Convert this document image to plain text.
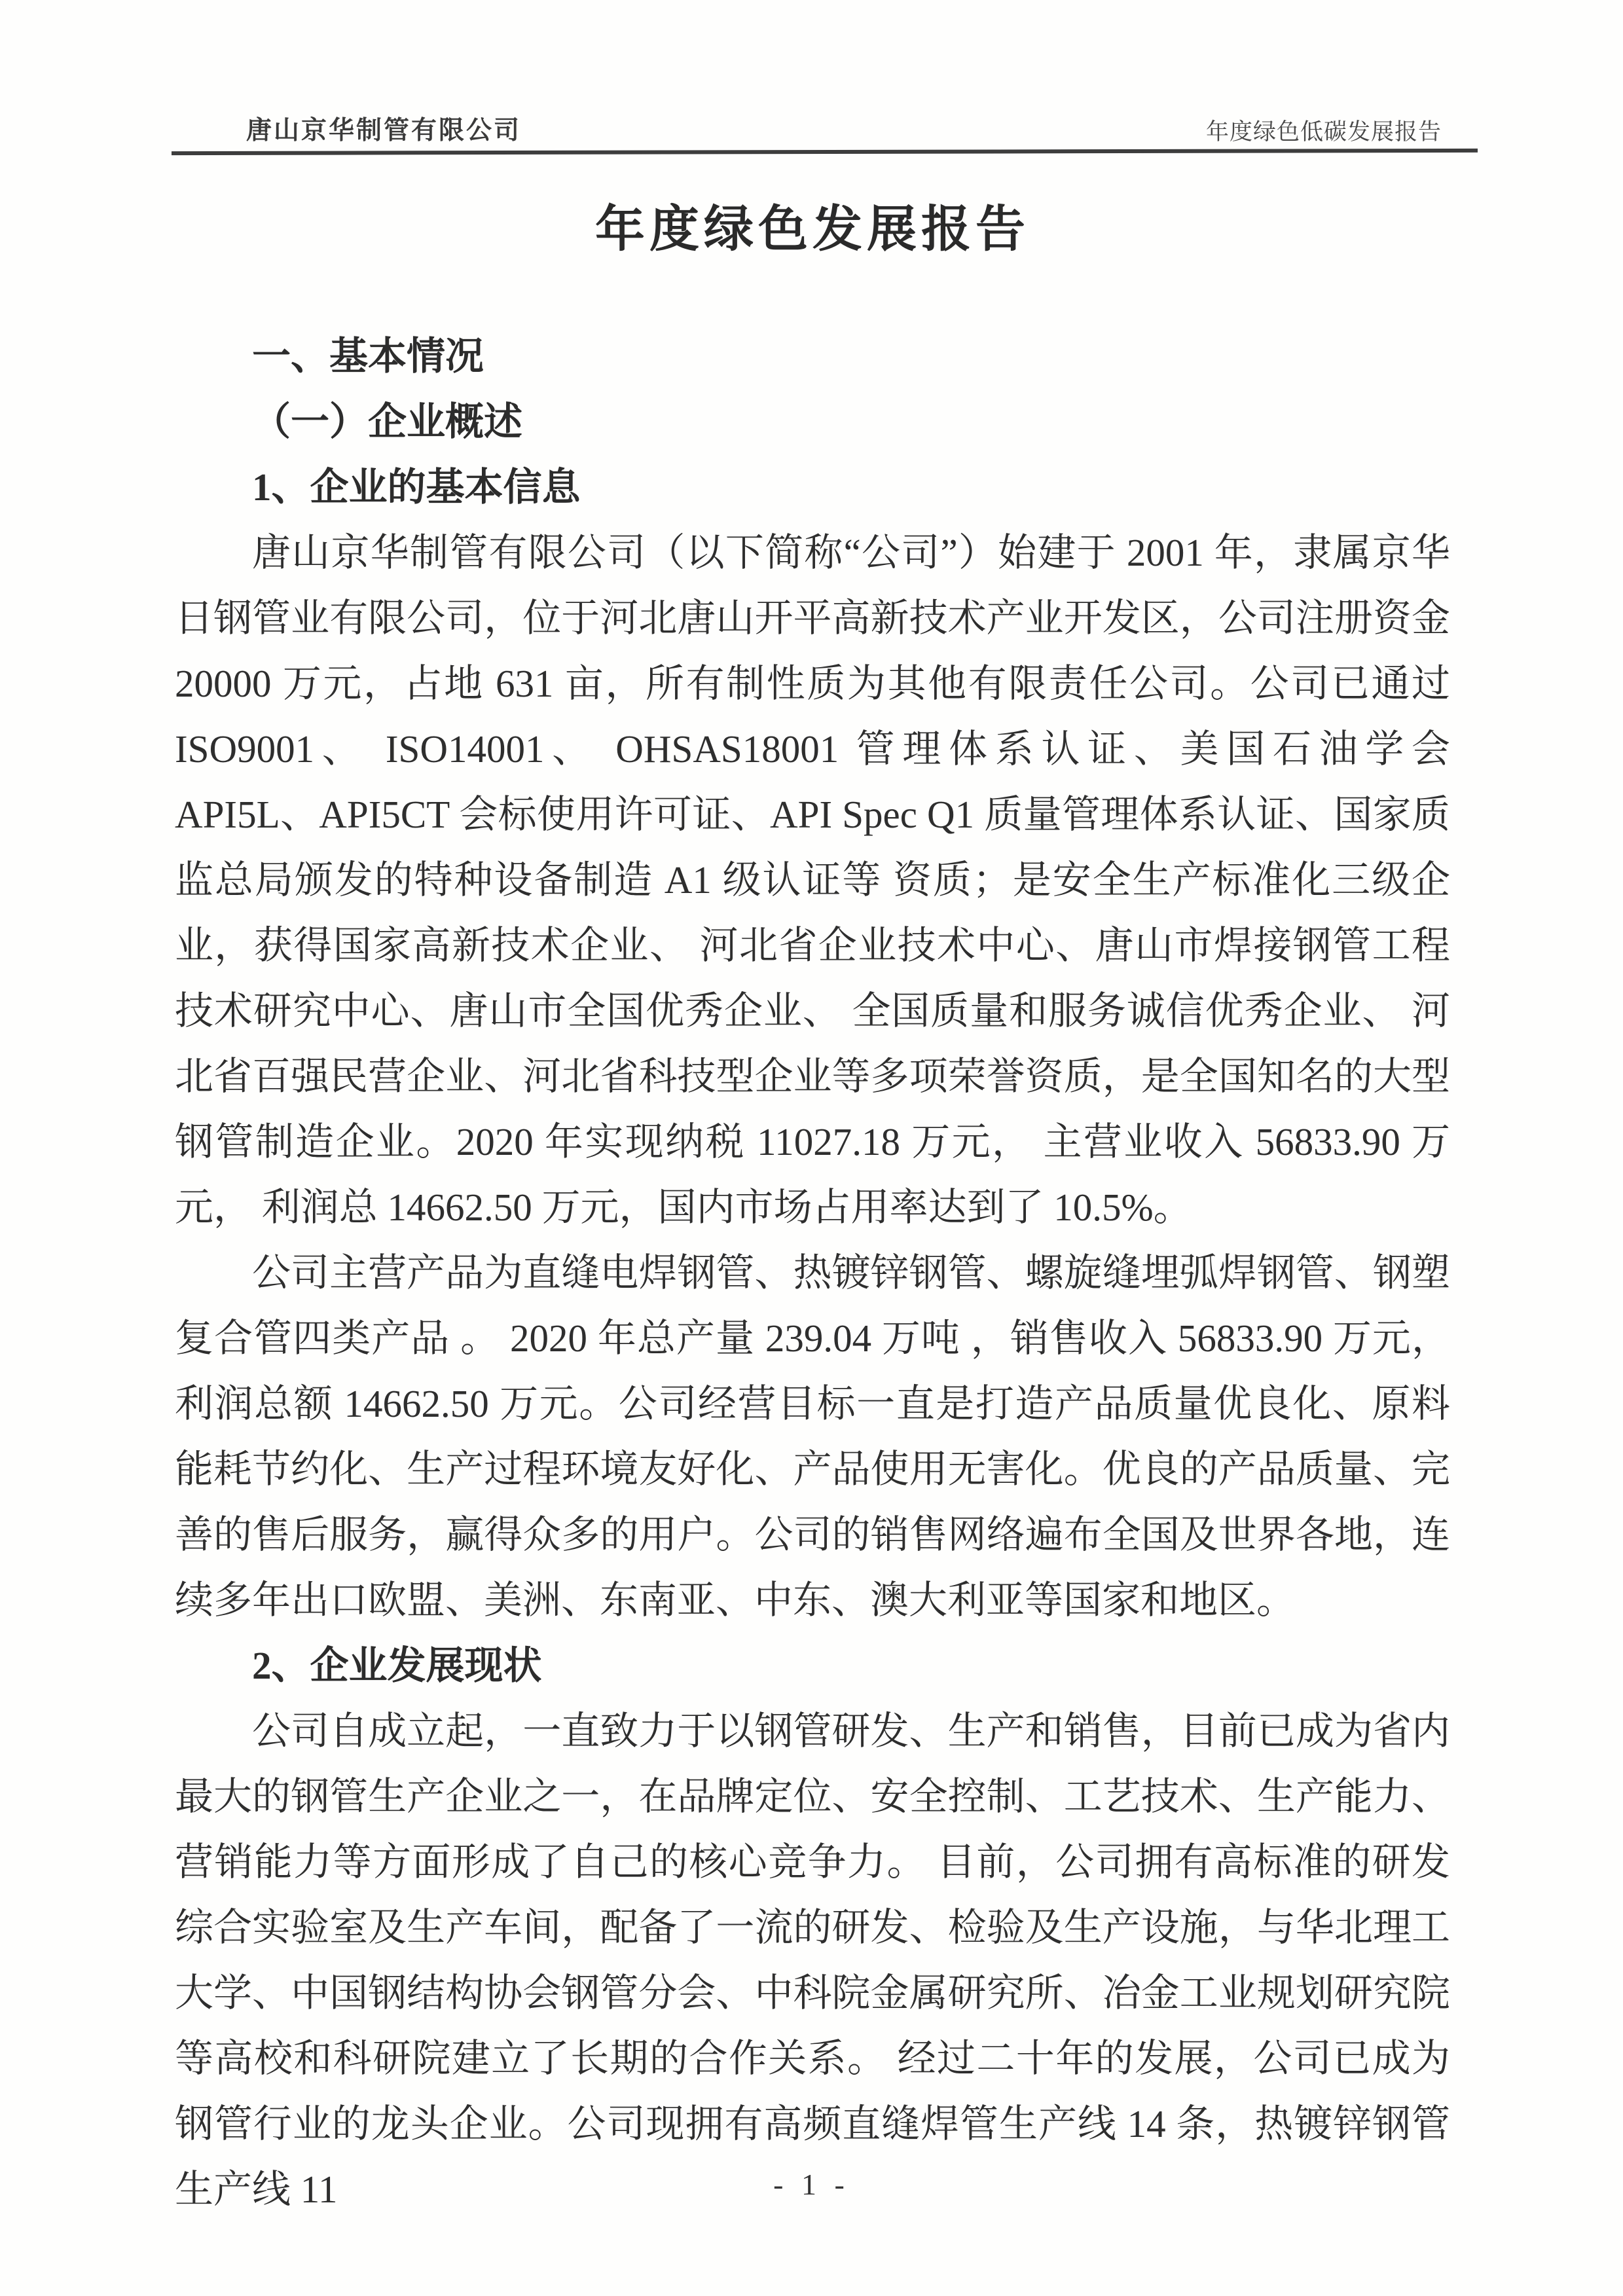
唐山京华制管有限公司	年度绿色低碳发展报告
年度绿色发展报告
一、基本情况
（一）企业概述
1、企业的基本信息
唐山京华制管有限公司（以下简称“公司”）始建于 2001 年，隶属京华日钢管业有限公司，位于河北唐山开平高新技术产业开发区，公司注册资金 20000 万元，占地 631 亩，所有制性质为其他有限责任公司。公司已通过 ISO9001、 ISO14001、 OHSAS18001 管理体系认证、美国石油学会 API5L、API5CT 会标使用许可证、API Spec Q1 质量管理体系认证、国家质监总局颁发的特种设备制造 A1 级认证等 资质；是安全生产标准化三级企业，获得国家高新技术企业、 河北省企业技术中心、唐山市焊接钢管工程技术研究中心、唐山市全国优秀企业、 全国质量和服务诚信优秀企业、 河北省百强民营企业、河北省科技型企业等多项荣誉资质，是全国知名的大型钢管制造企业。2020 年实现纳税 11027.18 万元， 主营业收入 56833.90 万元， 利润总 14662.50 万元，国内市场占用率达到了 10.5%。
公司主营产品为直缝电焊钢管、热镀锌钢管、螺旋缝埋弧焊钢管、钢塑复合管四类产品 。 2020 年总产量 239.04 万吨 ，销售收入 56833.90 万元，利润总额 14662.50 万元。公司经营目标一直是打造产品质量优良化、原料能耗节约化、生产过程环境友好化、产品使用无害化。优良的产品质量、完善的售后服务，赢得众多的用户。公司的销售网络遍布全国及世界各地，连续多年出口欧盟、美洲、东南亚、中东、澳大利亚等国家和地区。
2、企业发展现状
公司自成立起，一直致力于以钢管研发、生产和销售，目前已成为省内最大的钢管生产企业之一，在品牌定位、安全控制、工艺技术、生产能力、 营销能力等方面形成了自己的核心竞争力。 目前，公司拥有高标准的研发综合实验室及生产车间，配备了一流的研发、检验及生产设施，与华北理工大学、中国钢结构协会钢管分会、中科院金属研究所、冶金工业规划研究院等高校和科研院建立了长期的合作关系。 经过二十年的发展，公司已成为钢管行业的龙头企业。公司现拥有高频直缝焊管生产线 14 条，热镀锌钢管生产线 11	- 1 -
